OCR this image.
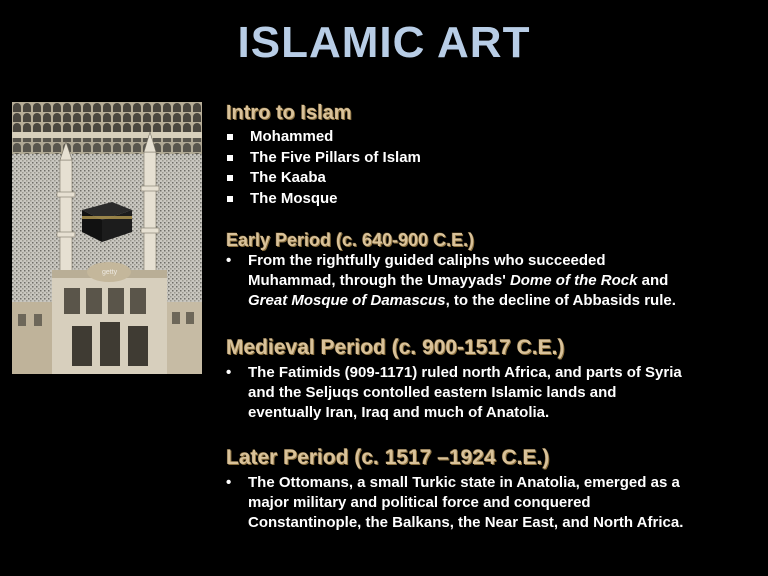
ISLAMIC ART
getty
Intro to Islam
Mohammed
The Five Pillars of Islam
The Kaaba
The Mosque
Early Period (c. 640-900 C.E.)

• From the rightfully guided caliphs who succeeded

Muhammad, through the Umayyads' Dome of the Rock and

Great Mosque of Damascus, to the decline of Abbasids rule.

Medieval Period (c. 900-1517 C.E.)

• The Fatimids (909-1171) ruled north Africa, and parts of Syria

and the Seljuqs contolled eastern Islamic lands and

eventually Iran, Iraq and much of Anatolia.

Later Period (c. 1517 –1924 C.E.)

• The Ottomans, a small Turkic state in Anatolia, emerged as a

major military and political force and conquered

Constantinople, the Balkans, the Near East, and North Africa.
